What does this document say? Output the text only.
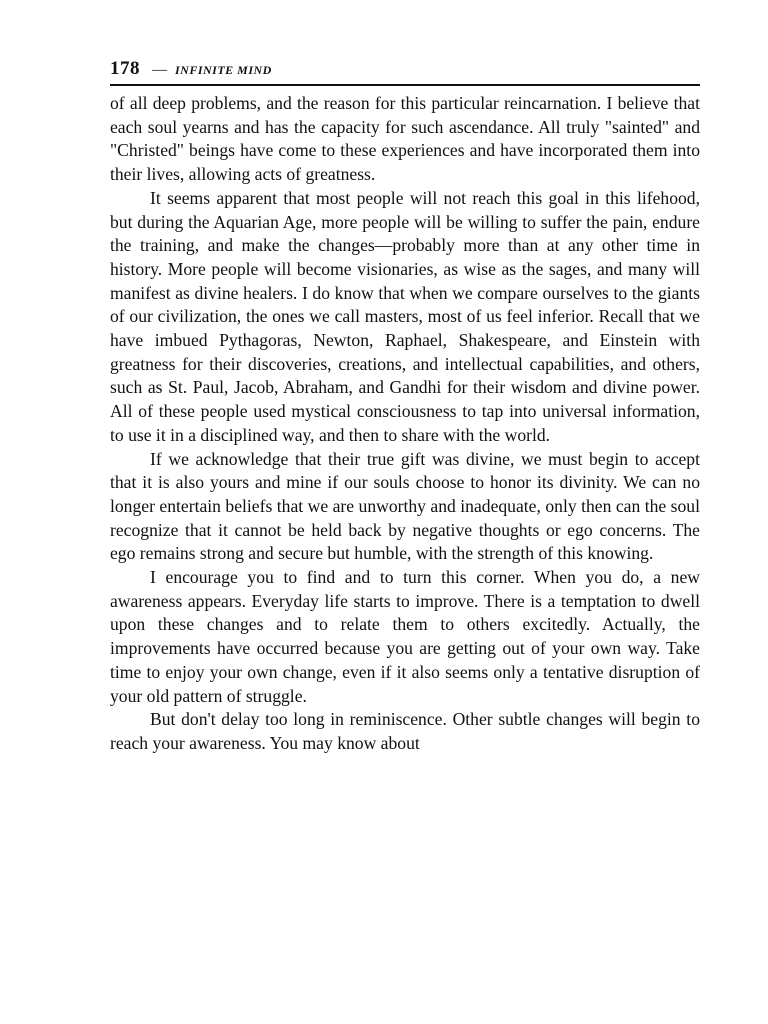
178 — INFINITE MIND

of all deep problems, and the reason for this particular reincarnation. I believe that each soul yearns and has the capacity for such ascendance. All truly "sainted" and "Christed" beings have come to these experiences and have incorporated them into their lives, allowing acts of greatness.

It seems apparent that most people will not reach this goal in this lifehood, but during the Aquarian Age, more people will be willing to suffer the pain, endure the training, and make the changes—probably more than at any other time in history. More people will become visionaries, as wise as the sages, and many will manifest as divine healers. I do know that when we compare ourselves to the giants of our civilization, the ones we call masters, most of us feel inferior. Recall that we have imbued Pythagoras, Newton, Raphael, Shakespeare, and Einstein with greatness for their discoveries, creations, and intellectual capabilities, and others, such as St. Paul, Jacob, Abraham, and Gandhi for their wisdom and divine power. All of these people used mystical consciousness to tap into universal information, to use it in a disciplined way, and then to share with the world.

If we acknowledge that their true gift was divine, we must begin to accept that it is also yours and mine if our souls choose to honor its divinity. We can no longer entertain beliefs that we are unworthy and inadequate, only then can the soul recognize that it cannot be held back by negative thoughts or ego concerns. The ego remains strong and secure but humble, with the strength of this knowing.

I encourage you to find and to turn this corner. When you do, a new awareness appears. Everyday life starts to improve. There is a temptation to dwell upon these changes and to relate them to others excitedly. Actually, the improvements have occurred because you are getting out of your own way. Take time to enjoy your own change, even if it also seems only a tentative disruption of your old pattern of struggle.

But don't delay too long in reminiscence. Other subtle changes will begin to reach your awareness. You may know about
